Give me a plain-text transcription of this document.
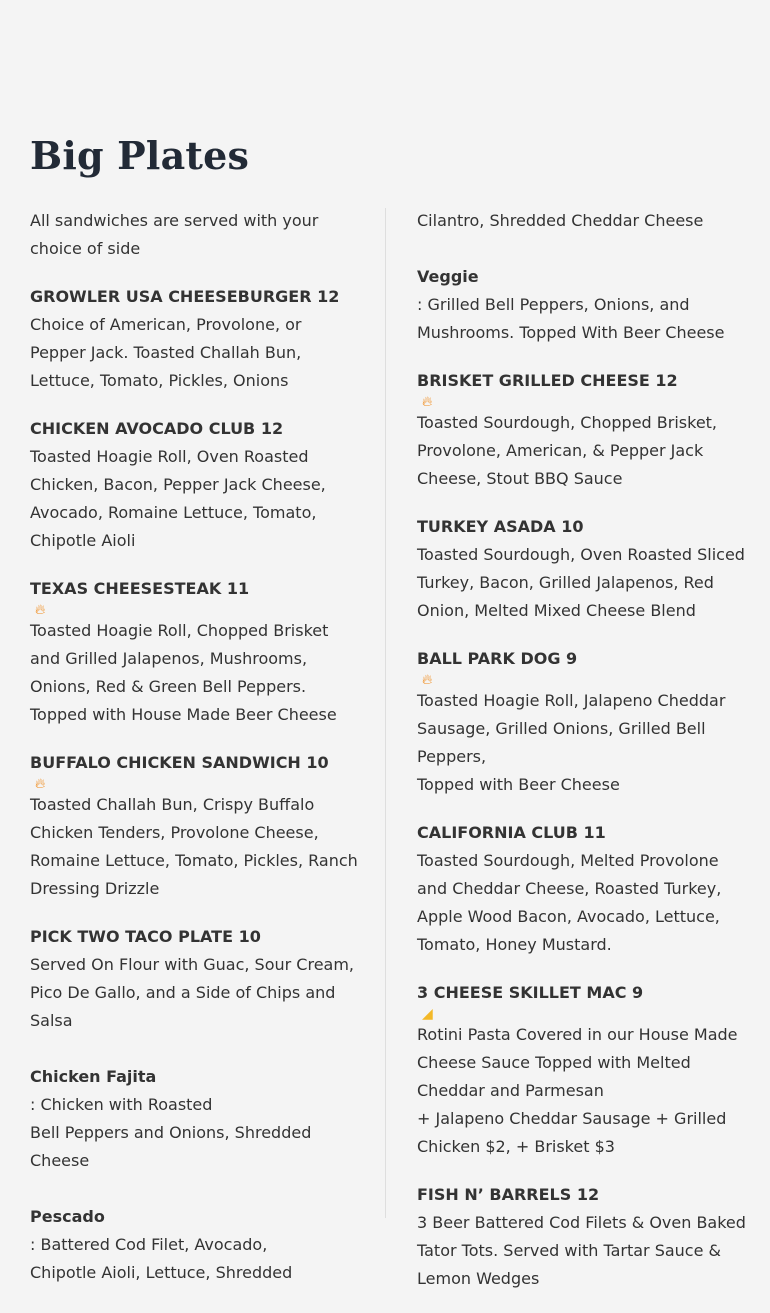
Big Plates
All sandwiches are served with your
choice of side
GROWLER USA CHEESEBURGER 12
Choice of American, Provolone, or
Pepper Jack. Toasted Challah Bun,
Lettuce, Tomato, Pickles, Onions
CHICKEN AVOCADO CLUB 12
Toasted Hoagie Roll, Oven Roasted
Chicken, Bacon, Pepper Jack Cheese,
Avocado, Romaine Lettuce, Tomato,
Chipotle Aioli
TEXAS CHEESESTEAK 11
🔥︎
Toasted Hoagie Roll, Chopped Brisket
and Grilled Jalapenos, Mushrooms,
Onions, Red & Green Bell Peppers.
Topped with House Made Beer Cheese
BUFFALO CHICKEN SANDWICH 10
🔥︎
Toasted Challah Bun, Crispy Buffalo
Chicken Tenders, Provolone Cheese,
Romaine Lettuce, Tomato, Pickles, Ranch
Dressing Drizzle
PICK TWO TACO PLATE 10
Served On Flour with Guac, Sour Cream,
Pico De Gallo, and a Side of Chips and
Salsa
Chicken Fajita
: Chicken with Roasted
Bell Peppers and Onions, Shredded
Cheese
Pescado
: Battered Cod Filet, Avocado,
Chipotle Aioli, Lettuce, Shredded
Cilantro, Shredded Cheddar Cheese
Veggie
: Grilled Bell Peppers, Onions, and
Mushrooms. Topped With Beer Cheese
BRISKET GRILLED CHEESE 12
🔥︎
Toasted Sourdough, Chopped Brisket,
Provolone, American, & Pepper Jack
Cheese, Stout BBQ Sauce
TURKEY ASADA 10
Toasted Sourdough, Oven Roasted Sliced
Turkey, Bacon, Grilled Jalapenos, Red
Onion, Melted Mixed Cheese Blend
BALL PARK DOG 9
🔥︎
Toasted Hoagie Roll, Jalapeno Cheddar
Sausage, Grilled Onions, Grilled Bell
Peppers,
Topped with Beer Cheese
CALIFORNIA CLUB 11
Toasted Sourdough, Melted Provolone
and Cheddar Cheese, Roasted Turkey,
Apple Wood Bacon, Avocado, Lettuce,
Tomato, Honey Mustard.
3 CHEESE SKILLET MAC 9
◢
Rotini Pasta Covered in our House Made
Cheese Sauce Topped with Melted
Cheddar and Parmesan
+ Jalapeno Cheddar Sausage + Grilled
Chicken $2, + Brisket $3
FISH N’ BARRELS 12
3 Beer Battered Cod Filets & Oven Baked
Tator Tots. Served with Tartar Sauce &
Lemon Wedges
